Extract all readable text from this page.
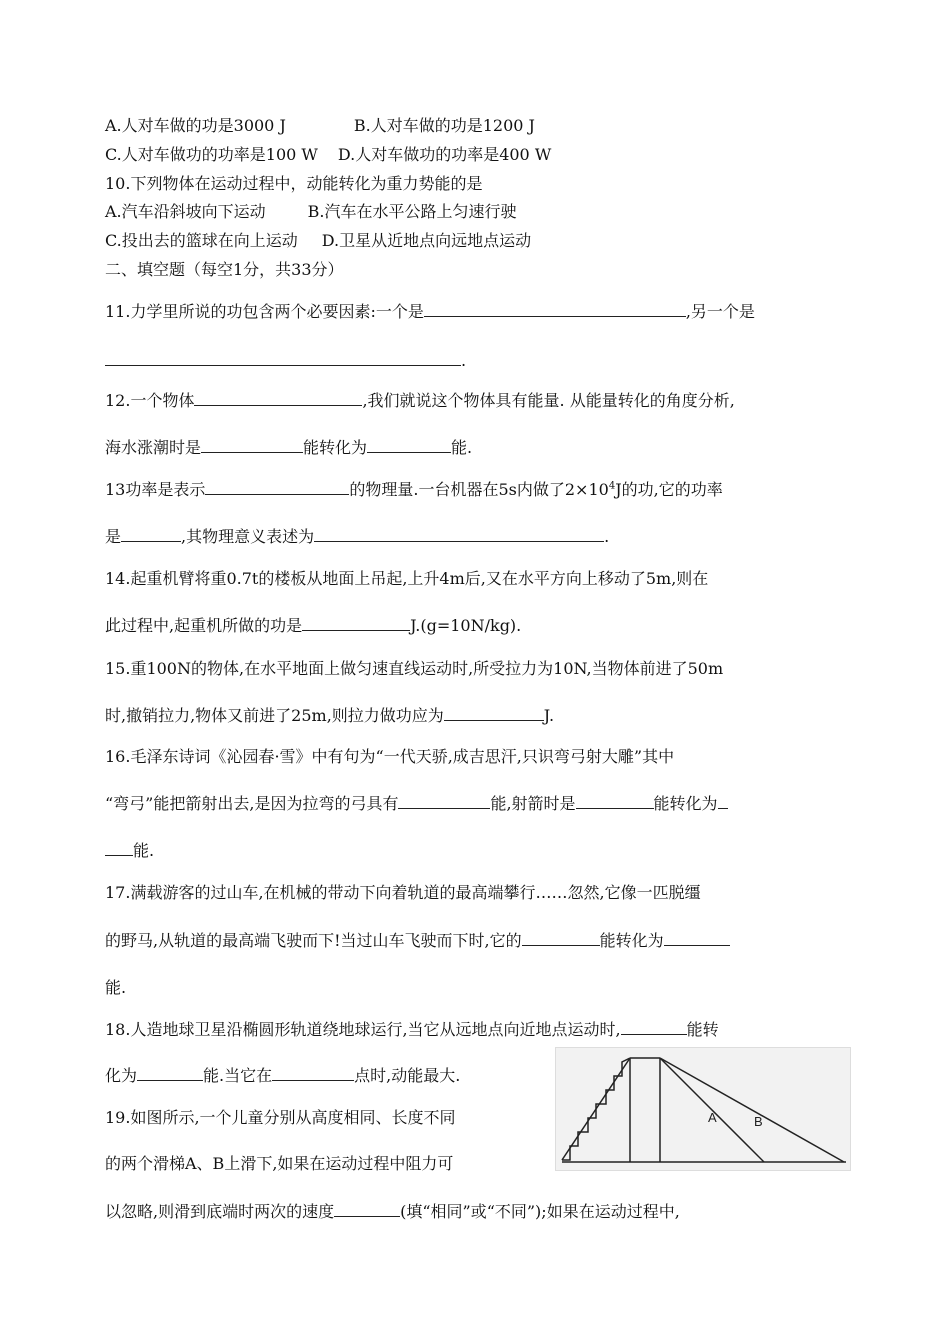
A.人对车做的功是3000 J	B.人对车做的功是1200 J
C.人对车做功的功率是100 W D.人对车做功的功率是400 W
10.下列物体在运动过程中，动能转化为重力势能的是
A.汽车沿斜坡向下运动	B.汽车在水平公路上匀速行驶
C.投出去的篮球在向上运动 D.卫星从近地点向远地点运动
二、填空题（每空1分，共33分）
11.力学里所说的功包含两个必要因素:一个是	,另一个是
.
12.一个物体	,我们就说这个物体具有能量. 从能量转化的角度分析,
海水涨潮时是	能转化为	能.
13功率是表示	的物理量.一台机器在5s内做了$2\times 10^4J$的功,它的功率
是	,其物理意义表述为	.
14.起重机臂将重0.7t的楼板从地面上吊起,上升4m后,又在水平方向上移动了5m,则在
此过程中,起重机所做的功是	J.(g=10N/kg).
15.重100N的物体,在水平地面上做匀速直线运动时,所受拉力为10N,当物体前进了50m
时,撤销拉力,物体又前进了25m,则拉力做功应为	J.
16.毛泽东诗词《沁园春·雪》中有句为“一代天骄,成吉思汗,只识弯弓射大雕”其中
“弯弓”能把箭射出去,是因为拉弯的弓具有	能,射箭时是	能转化为
能.
17.满载游客的过山车,在机械的带动下向着轨道的最高端攀行……忽然,它像一匹脱缰
的野马,从轨道的最高端飞驶而下!当过山车飞驶而下时,它的	能转化为
能.
18.人造地球卫星沿椭圆形轨道绕地球运行,当它从远地点向近地点运动时,	能转
化为	能.当它在	点时,动能最大.
19.如图所示,一个儿童分别从高度相同、长度不同
的两个滑梯A、B上滑下,如果在运动过程中阻力可
以忽略,则滑到底端时两次的速度	(填“相同”或“不同”);如果在运动过程中,
A	B
